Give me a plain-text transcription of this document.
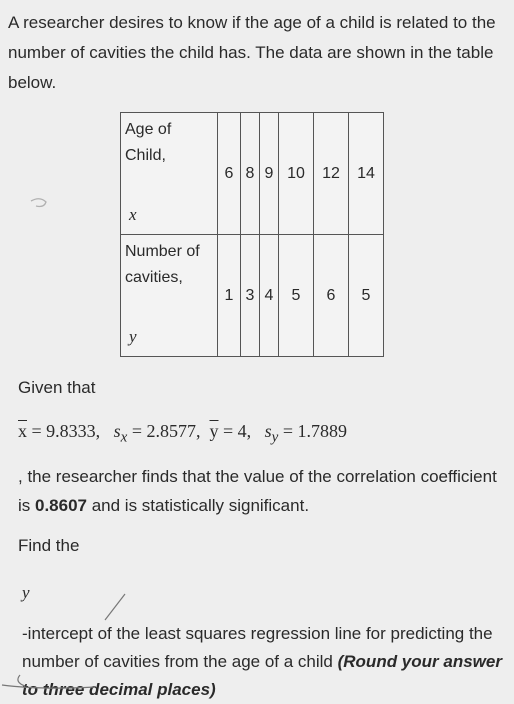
A researcher desires to know if the age of a child is related to the number of cavities the child has. The data are shown in the table below.

Age of
Child,
x	6	8	9	10	12	14

Number of
cavities,
y	1	3	4	5	6	5

Given that

$\overline{x} = 9.8333$, $s_x = 2.8577$, $\overline{y} = 4$, $s_y = 1.7889$

, the researcher finds that the value of the correlation coefficient is 0.8607 and is statistically significant.

Find the

y

-intercept of the least squares regression line for predicting the number of cavities from the age of a child (Round your answer to three decimal places)
